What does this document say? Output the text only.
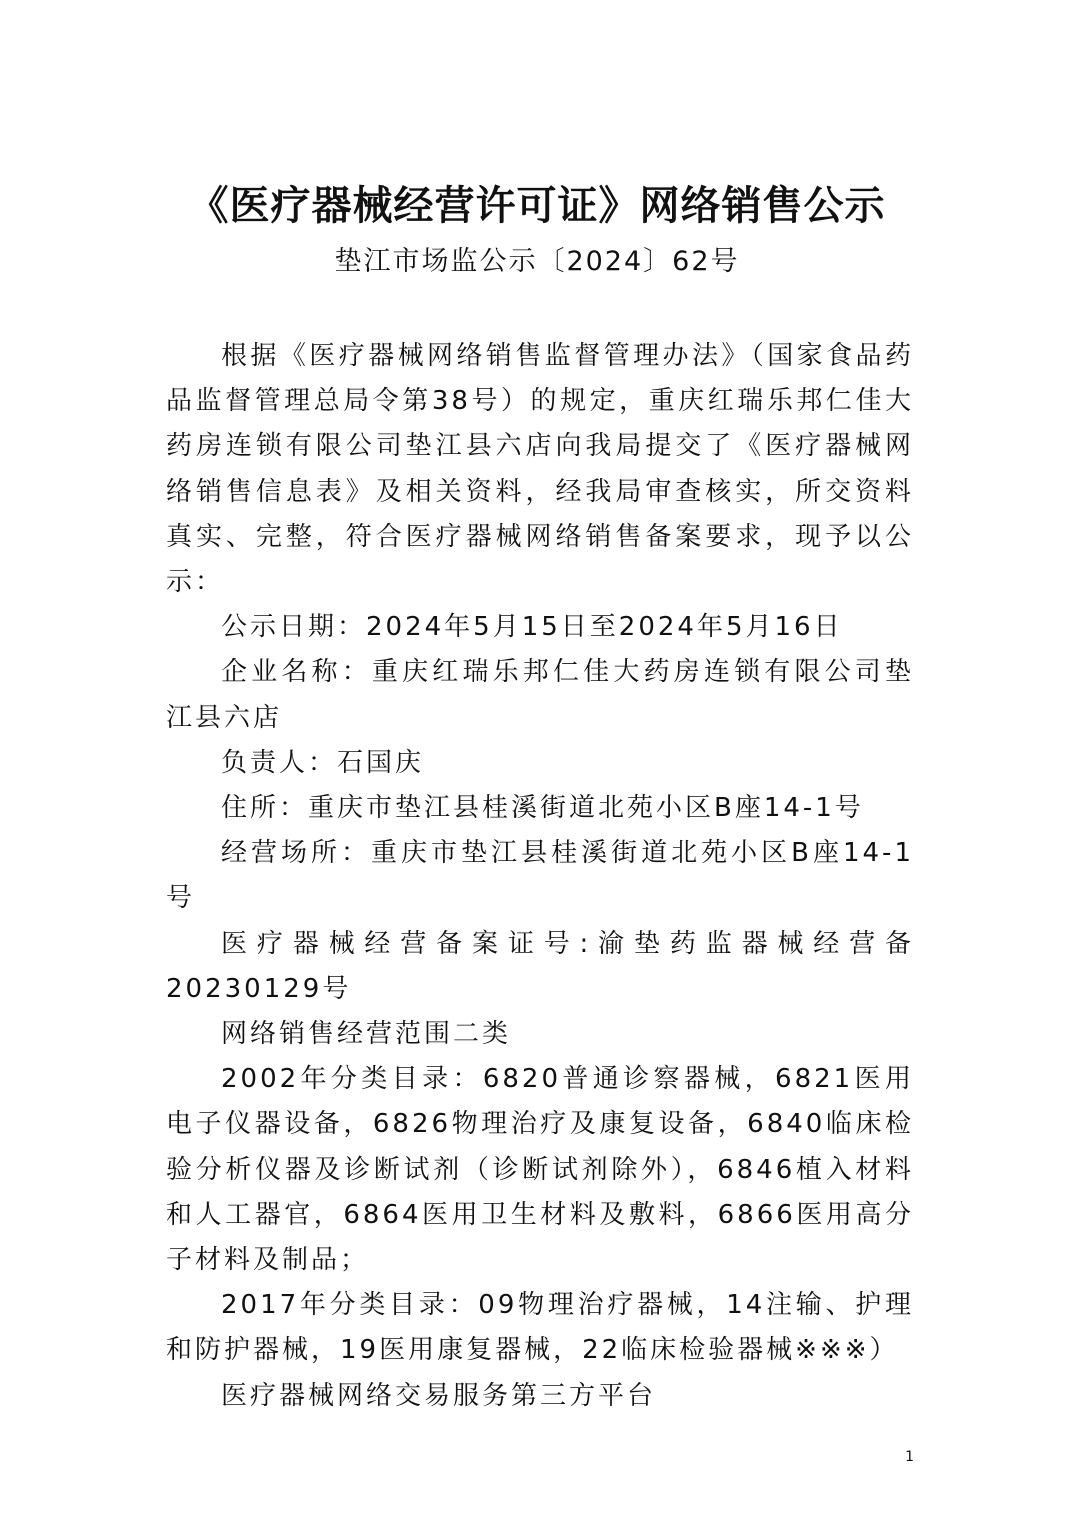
《医疗器械经营许可证》网络销售公示
垫江市场监公示〔2024〕62号

根据《医疗器械网络销售监督管理办法》（国家食品药品监督管理总局令第38号）的规定，重庆红瑞乐邦仁佳大药房连锁有限公司垫江县六店向我局提交了《医疗器械网络销售信息表》及相关资料，经我局审查核实，所交资料真实、完整，符合医疗器械网络销售备案要求，现予以公示：

公示日期：2024年5月15日至2024年5月16日

企业名称：重庆红瑞乐邦仁佳大药房连锁有限公司垫江县六店

负责人：石国庆

住所：重庆市垫江县桂溪街道北苑小区B座14-1号

经营场所：重庆市垫江县桂溪街道北苑小区B座14-1号

医疗器械经营备案证号:渝垫药监器械经营备20230129号

网络销售经营范围二类

2002年分类目录：6820普通诊察器械，6821医用电子仪器设备，6826物理治疗及康复设备，6840临床检验分析仪器及诊断试剂（诊断试剂除外），6846植入材料和人工器官，6864医用卫生材料及敷料，6866医用高分子材料及制品；

2017年分类目录：09物理治疗器械，14注输、护理和防护器械，19医用康复器械，22临床检验器械※※※）

医疗器械网络交易服务第三方平台

1
